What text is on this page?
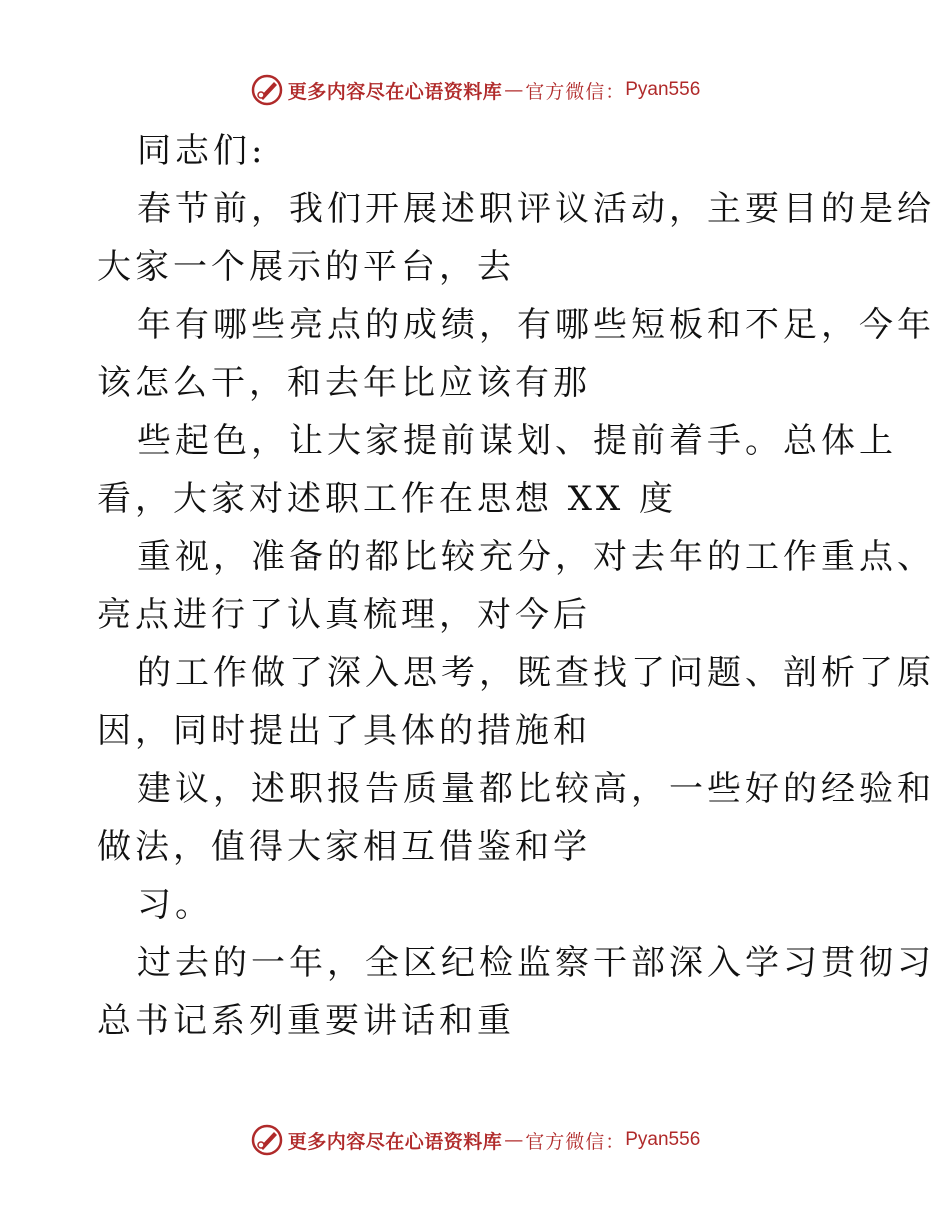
更多内容尽在心语资料库 — 官方微信： Pyan556
同志们:
春节前，我们开展述职评议活动，主要目的是给
大家一个展示的平台，去
年有哪些亮点的成绩，有哪些短板和不足，今年
该怎么干，和去年比应该有那
些起色，让大家提前谋划、提前着手。总体上
看，大家对述职工作在思想 XX 度
重视，准备的都比较充分，对去年的工作重点、
亮点进行了认真梳理，对今后
的工作做了深入思考，既查找了问题、剖析了原
因，同时提出了具体的措施和
建议，述职报告质量都比较高，一些好的经验和
做法，值得大家相互借鉴和学
习。
过去的一年，全区纪检监察干部深入学习贯彻习
总书记系列重要讲话和重
更多内容尽在心语资料库 — 官方微信： Pyan556
